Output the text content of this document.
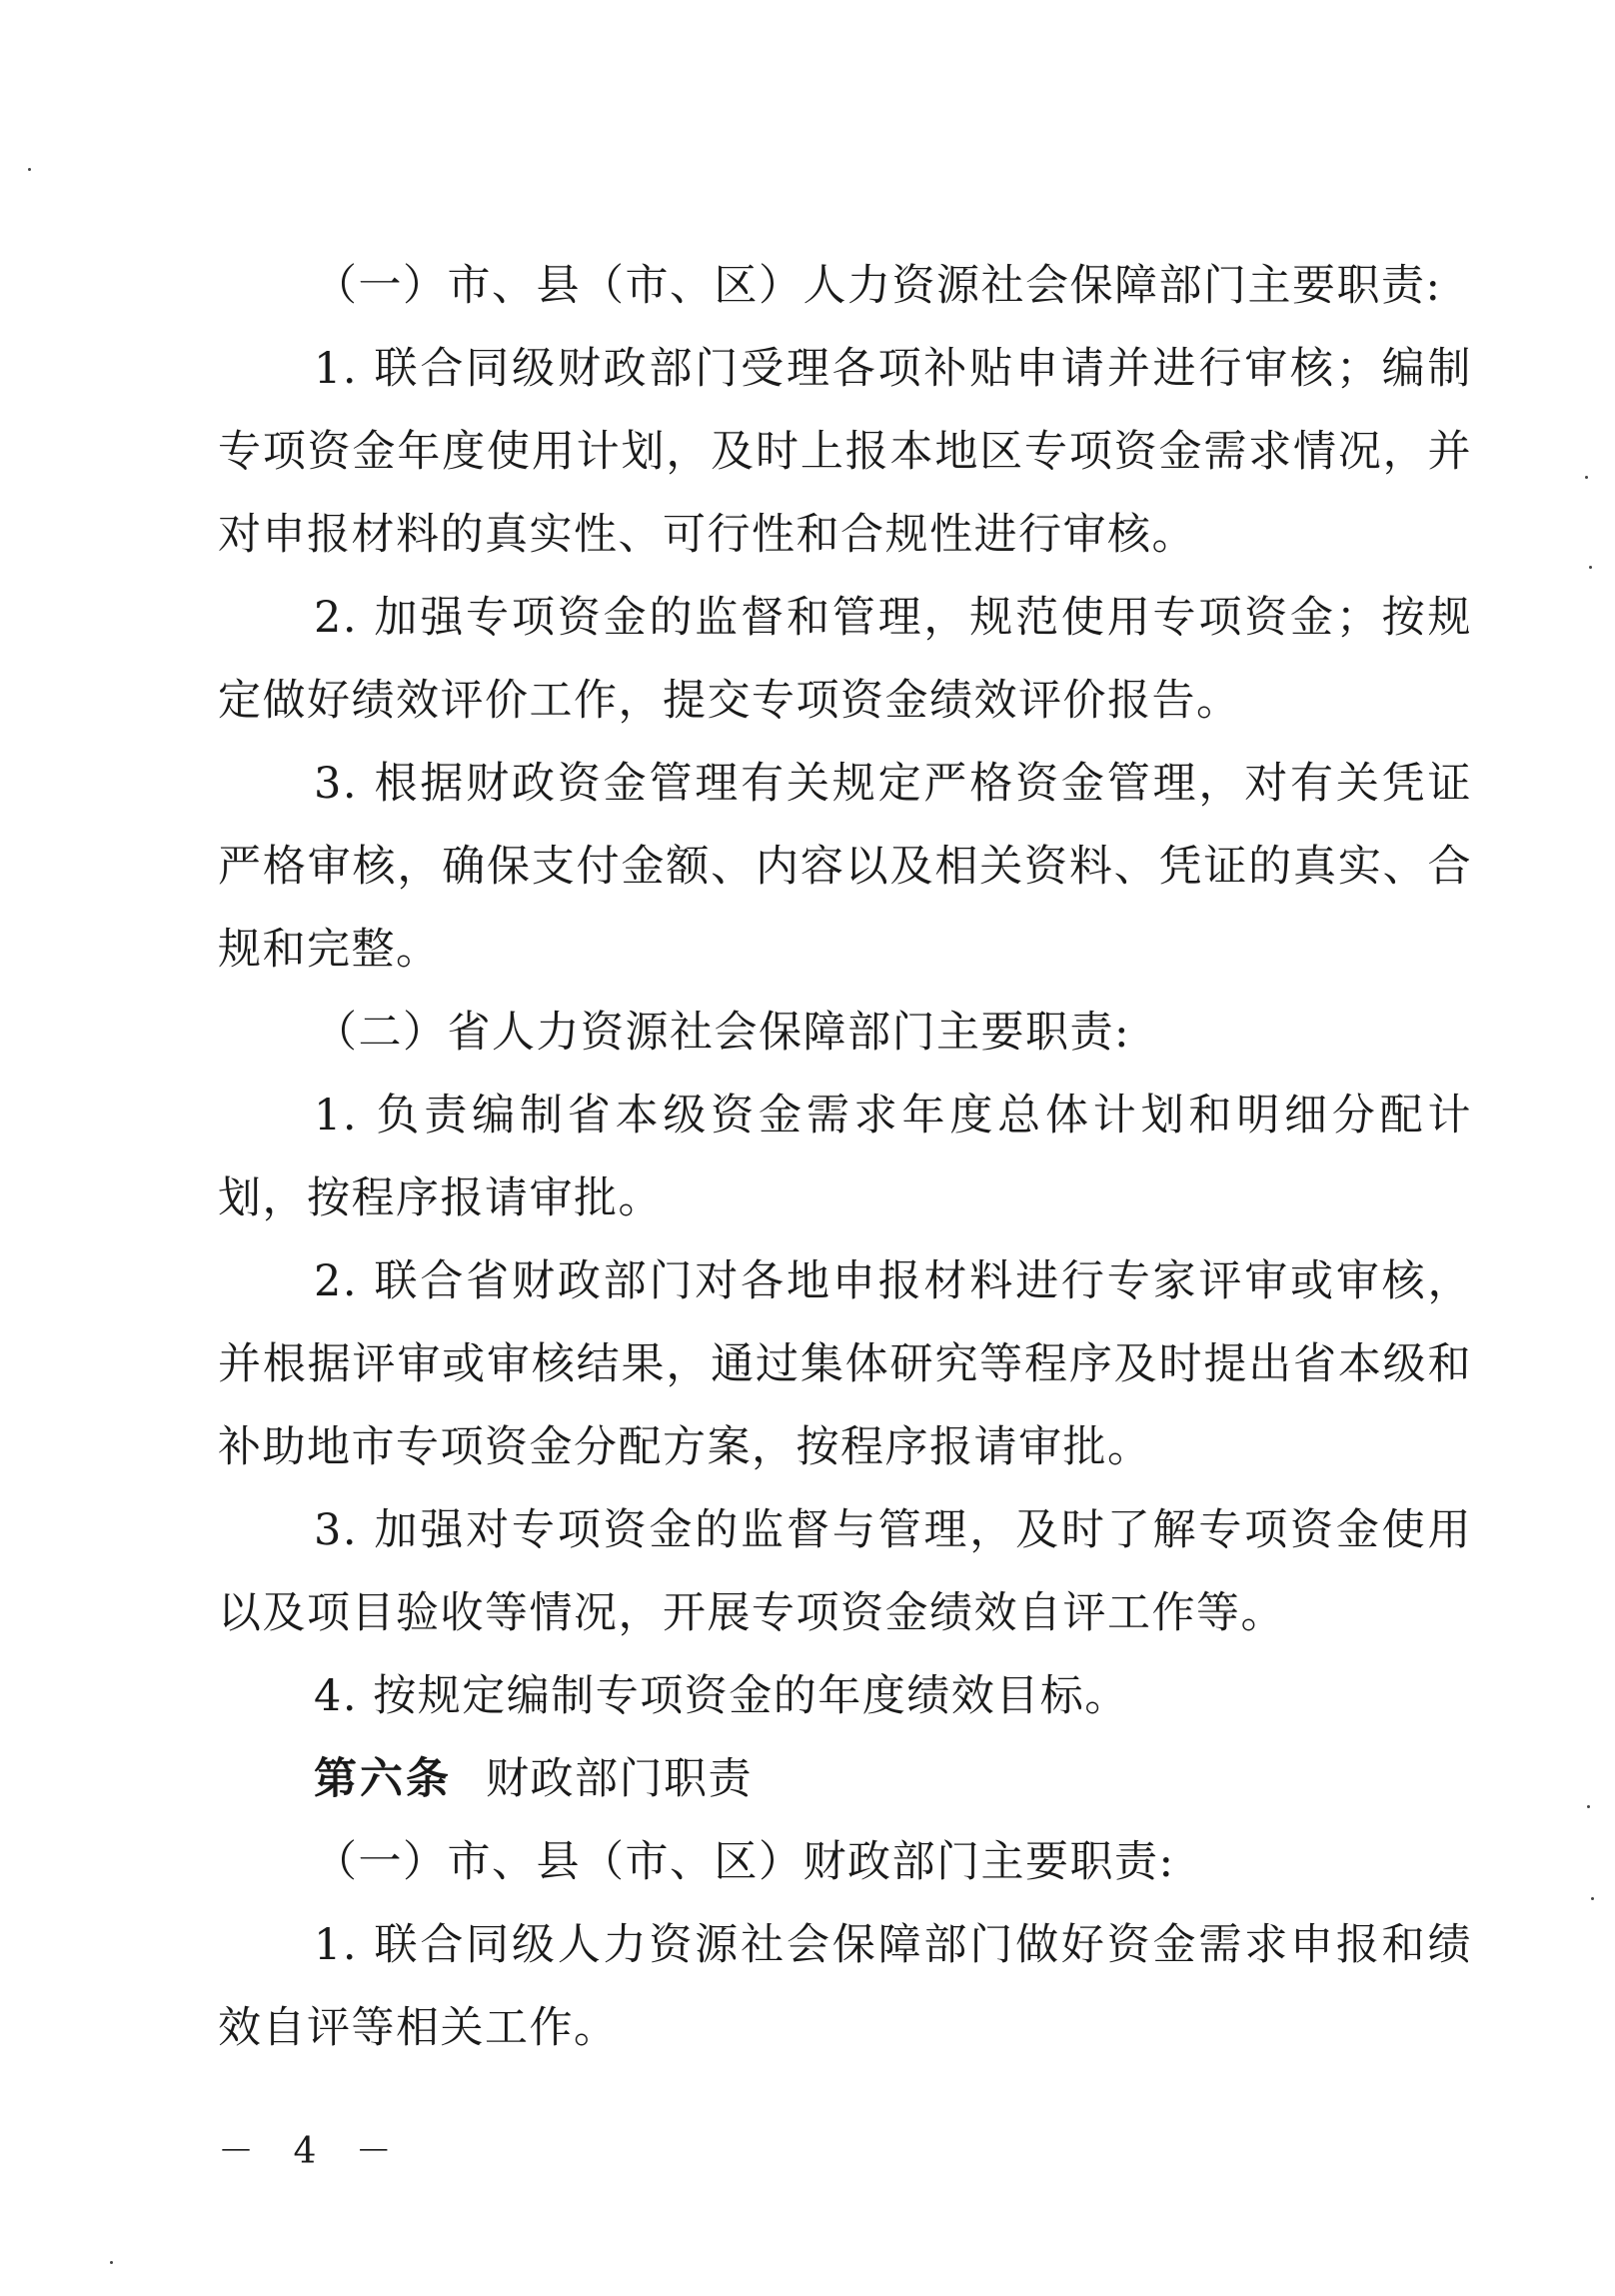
（一）市、县（市、区）人力资源社会保障部门主要职责:

1. 联合同级财政部门受理各项补贴申请并进行审核；编制专项资金年度使用计划，及时上报本地区专项资金需求情况，并对申报材料的真实性、可行性和合规性进行审核。

2. 加强专项资金的监督和管理，规范使用专项资金；按规定做好绩效评价工作，提交专项资金绩效评价报告。

3. 根据财政资金管理有关规定严格资金管理，对有关凭证严格审核，确保支付金额、内容以及相关资料、凭证的真实、合规和完整。

（二）省人力资源社会保障部门主要职责:

1. 负责编制省本级资金需求年度总体计划和明细分配计划，按程序报请审批。

2. 联合省财政部门对各地申报材料进行专家评审或审核，并根据评审或审核结果，通过集体研究等程序及时提出省本级和补助地市专项资金分配方案，按程序报请审批。

3. 加强对专项资金的监督与管理，及时了解专项资金使用以及项目验收等情况，开展专项资金绩效自评工作等。

4. 按规定编制专项资金的年度绩效目标。

第六条 财政部门职责

（一）市、县（市、区）财政部门主要职责:

1. 联合同级人力资源社会保障部门做好资金需求申报和绩效自评等相关工作。

－ 4 －
